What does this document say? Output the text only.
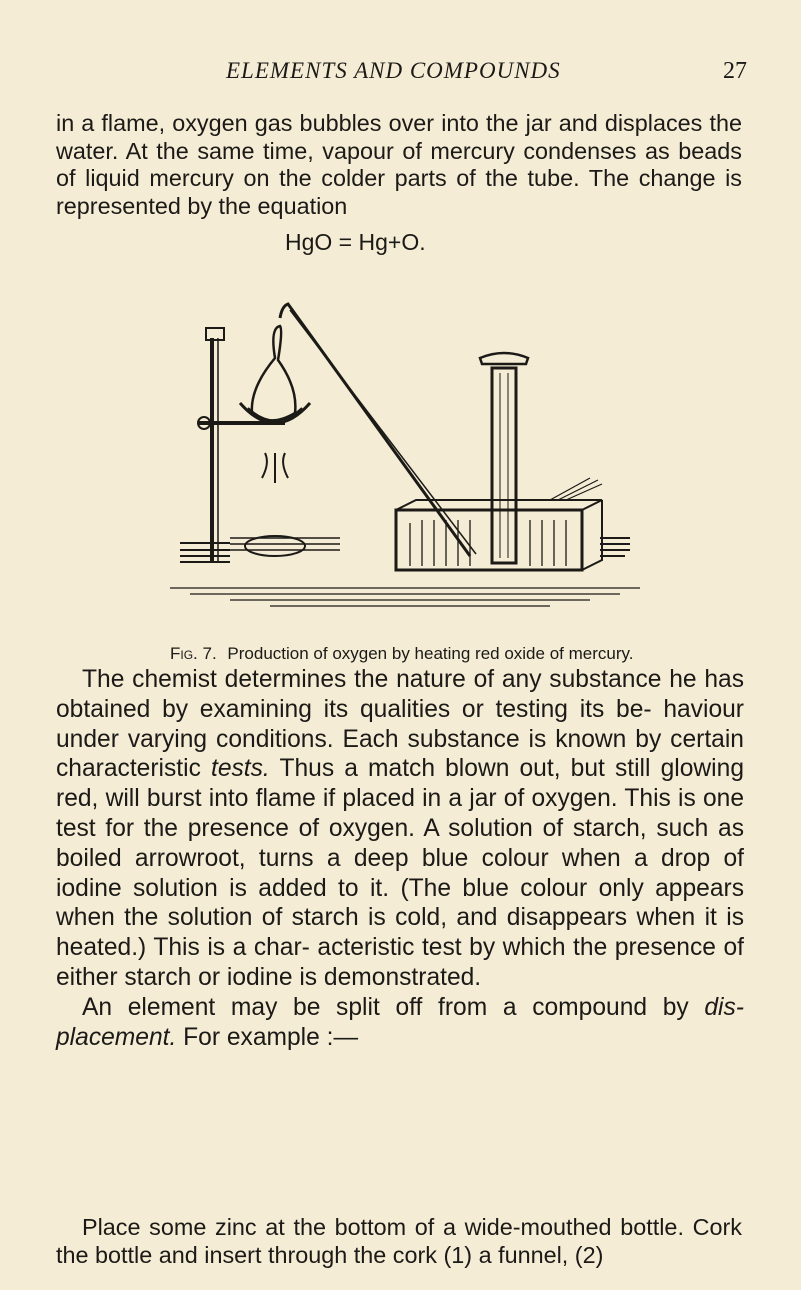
ELEMENTS AND COMPOUNDS	27

in a flame, oxygen gas bubbles over into the jar and displaces the water. At the same time, vapour of mercury condenses as beads of liquid mercury on the colder parts of the tube. The change is represented by the equation

HgO = Hg+O.
Fig. 7. Production of oxygen by heating red oxide of mercury.

The chemist determines the nature of any substance he has obtained by examining its qualities or testing its be- haviour under varying conditions. Each substance is known by certain characteristic tests. Thus a match blown out, but still glowing red, will burst into flame if placed in a jar of oxygen. This is one test for the presence of oxygen. A solution of starch, such as boiled arrowroot, turns a deep blue colour when a drop of iodine solution is added to it. (The blue colour only appears when the solution of starch is cold, and disappears when it is heated.) This is a char- acteristic test by which the presence of either starch or iodine is demonstrated.

An element may be split off from a compound by dis- placement. For example :—

Place some zinc at the bottom of a wide-mouthed bottle. Cork the bottle and insert through the cork (1) a funnel, (2)
